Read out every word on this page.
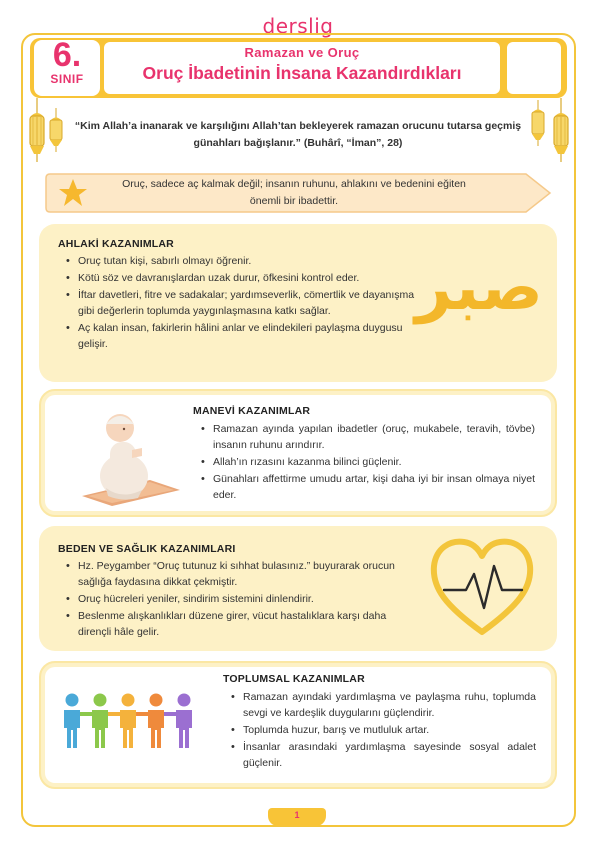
derslig
6.
SINIF
Ramazan ve Oruç
Oruç İbadetinin İnsana Kazandırdıkları
“Kim Allah’a inanarak ve karşılığını Allah’tan bekleyerek ramazan orucunu tutarsa geçmiş günahları bağışlanır.” (Buhârî, “İman”, 28)
Oruç, sadece aç kalmak değil; insanın ruhunu, ahlakını ve bedenini eğiten önemli bir ibadettir.
AHLAKİ KAZANIMLAR
• Oruç tutan kişi, sabırlı olmayı öğrenir.
• Kötü söz ve davranışlardan uzak durur, öfkesini kontrol eder.
• İftar davetleri, fitre ve sadakalar; yardımseverlik, cömertlik ve dayanışma gibi değerlerin toplumda yaygınlaşmasına katkı sağlar.
• Aç kalan insan, fakirlerin hâlini anlar ve elindekileri paylaşma duygusu gelişir.
صبر
MANEVİ KAZANIMLAR
• Ramazan ayında yapılan ibadetler (oruç, mukabele, teravih, tövbe) insanın ruhunu arındırır.
• Allah’ın rızasını kazanma bilinci güçlenir.
• Günahları affettirme umudu artar, kişi daha iyi bir insan olmaya niyet eder.
BEDEN VE SAĞLIK KAZANIMLARI
• Hz. Peygamber “Oruç tutunuz ki sıhhat bulasınız.” buyurarak orucun sağlığa faydasına dikkat çekmiştir.
• Oruç hücreleri yeniler, sindirim sistemini dinlendirir.
• Beslenme alışkanlıkları düzene girer, vücut hastalıklara karşı daha dirençli hâle gelir.
TOPLUMSAL KAZANIMLAR
• Ramazan ayındaki yardımlaşma ve paylaşma ruhu, toplumda sevgi ve kardeşlik duygularını güçlendirir.
• Toplumda huzur, barış ve mutluluk artar.
• İnsanlar arasındaki yardımlaşma sayesinde sosyal adalet güçlenir.
1
